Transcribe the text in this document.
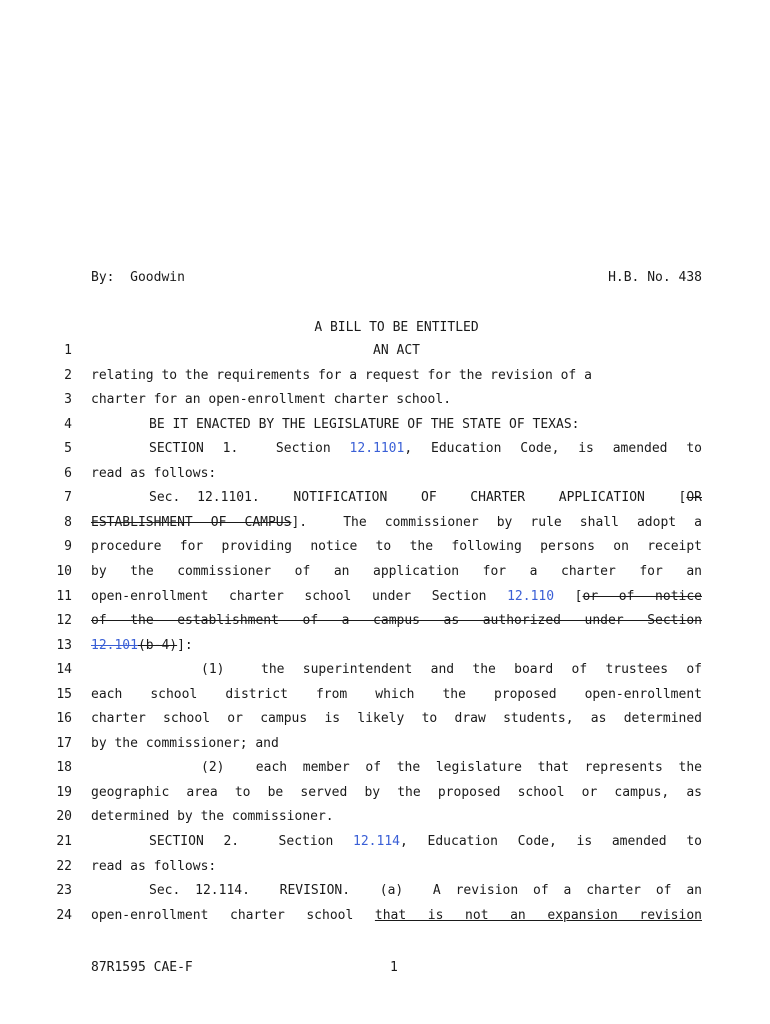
By: Goodwin	H.B. No. 438
A BILL TO BE ENTITLED
1	AN ACT
2 relating to the requirements for a request for the revision of a
3 charter for an open-enrollment charter school.
4	BE IT ENACTED BY THE LEGISLATURE OF THE STATE OF TEXAS:
5	SECTION 1.  Section 12.1101, Education Code, is amended to
6 read as follows:
7	Sec. 12.1101.  NOTIFICATION  OF  CHARTER  APPLICATION  [OR
8 ESTABLISHMENT OF CAMPUS].  The commissioner by rule shall adopt a
9 procedure for providing notice to the following persons on receipt
10 by the commissioner of an application for a charter for an
11 open-enrollment charter school under Section 12.110 [or of notice
12 of the establishment of a campus as authorized under Section
13 12.101(b-4)]:
14	(1)  the superintendent and the board of trustees of
15 each school district from which the proposed open-enrollment
16 charter school or campus is likely to draw students, as determined
17 by the commissioner; and
18	(2)  each member of the legislature that represents the
19 geographic area to be served by the proposed school or campus, as
20 determined by the commissioner.
21	SECTION 2.  Section 12.114, Education Code, is amended to
22 read as follows:
23	Sec. 12.114.  REVISION.  (a)  A revision of a charter of an
24 open-enrollment charter school that is not an expansion revision
87R1595 CAE-F	1
